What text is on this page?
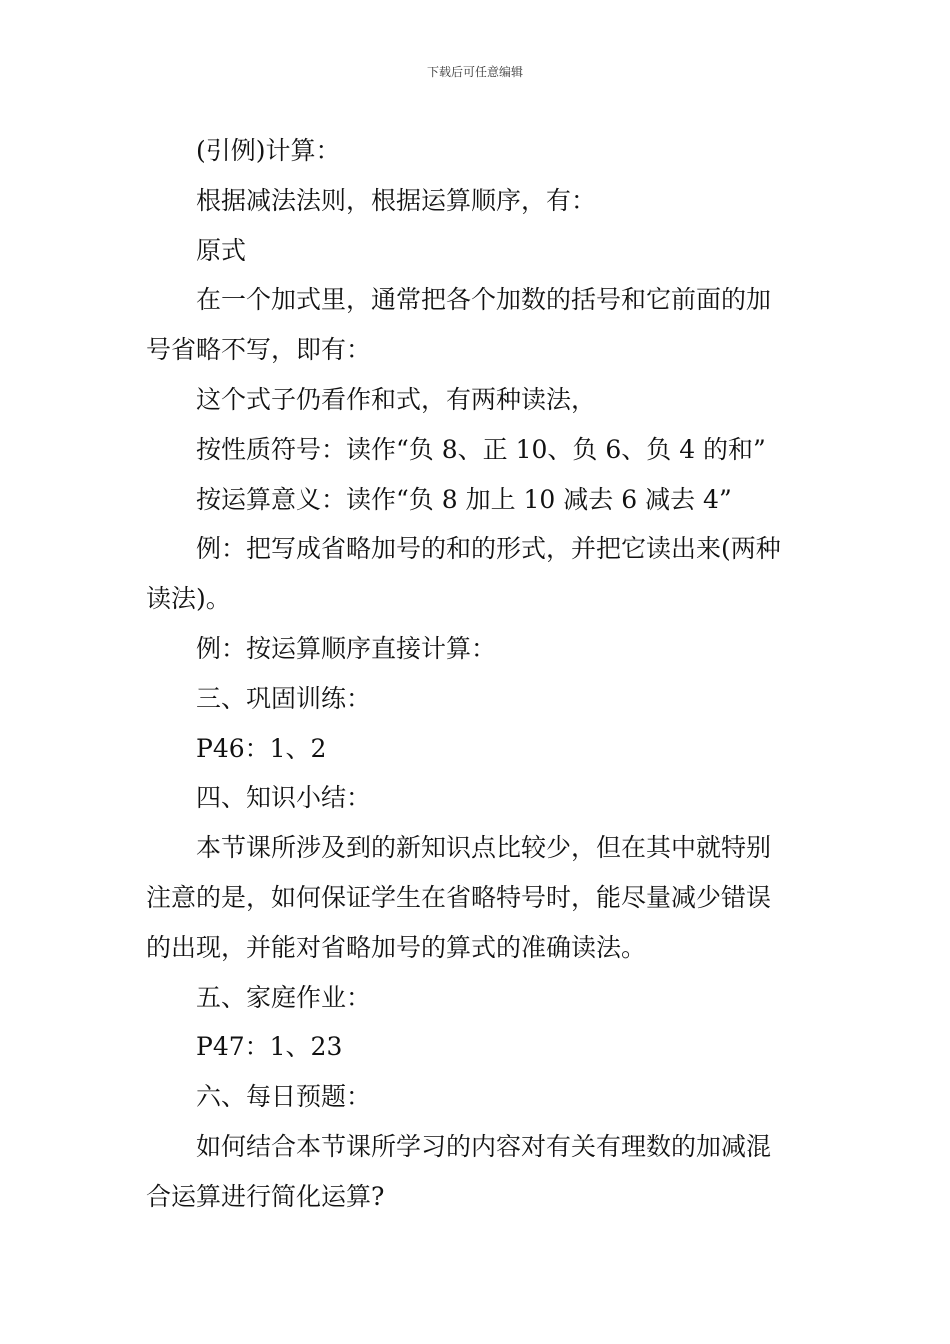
下载后可任意编辑
(引例)计算：
根据减法法则，根据运算顺序，有：
原式
在一个加式里，通常把各个加数的括号和它前面的加
号省略不写，即有：
这个式子仍看作和式，有两种读法，
按性质符号：读作“负 8、正 10、负 6、负 4 的和”
按运算意义：读作“负 8 加上 10 减去 6 减去 4”
例：把写成省略加号的和的形式，并把它读出来(两种
读法)。
例：按运算顺序直接计算：
三、巩固训练：
P46：1、2
四、知识小结：
本节课所涉及到的新知识点比较少，但在其中就特别
注意的是，如何保证学生在省略特号时，能尽量减少错误
的出现，并能对省略加号的算式的准确读法。
五、家庭作业：
P47：1、23
六、每日预题：
如何结合本节课所学习的内容对有关有理数的加减混
合运算进行简化运算?
